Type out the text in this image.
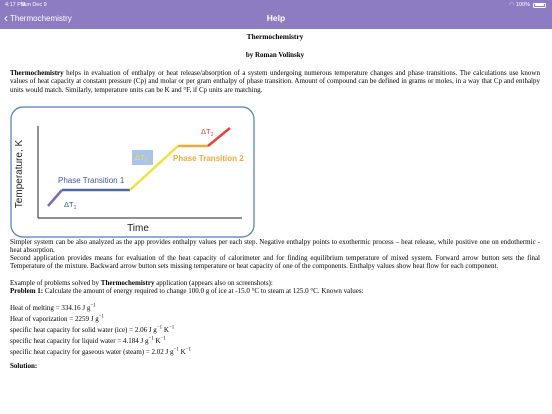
4:17 PM
Sun Dec 9	◠ 100%
‹ Thermochemistry	Help
Thermochemistry
by Roman Volinsky

Thermochemistry helps in evaluation of enthalpy or heat release/absorption of a system undergoing numerous temperature changes and phase transitions. The calculations use known values of heat capacity at constant pressure (Cp) and molar or per gram enthalpy of phase transition. Amount of compound can be defined in grams or moles, in a way that Cp and enthalpy units would match. Similarly, temperature units can be K and °F, if Cp units are matching.

Temperature, K
Time
Phase Transition 1
Phase Transition 2
$\Delta T_1$
$\Delta T_2$
$\Delta T_2$

Simpler system can be also analyzed as the app provides enthalpy values per each step. Negative enthalpy points to exothermic process – heat release, while positive one on endothermic - heat absorption.

Second application provides means for evaluation of the heat capacity of calorimeter and for finding equilibrium temperature of mixed system. Forward arrow button sets the final Temperature of the mixture. Backward arrow button sets missing temperature or heat capacity of one of the components. Enthalpy values show heat flow for each component.

Example of problems solved by Thermochemistry application (appears also on screenshots):

Problem 1: Calculate the amount of energy required to change 100.0 g of ice at -15.0 °C to steam at 125.0 °C. Known values:

Heat of melting = 334.16 J $g^{-1}$

Heat of vaporization = 2259 J $g^{-1}$

specific heat capacity for solid water (ice) = 2.06 J $g^{-1}$ $K^{-1}$

specific heat capacity for liquid water = 4.184 J $g^{-1}$ $K^{-1}$

specific heat capacity for gaseous water (steam) = 2.02 J $g^{-1}$ $K^{-1}$

Solution:
